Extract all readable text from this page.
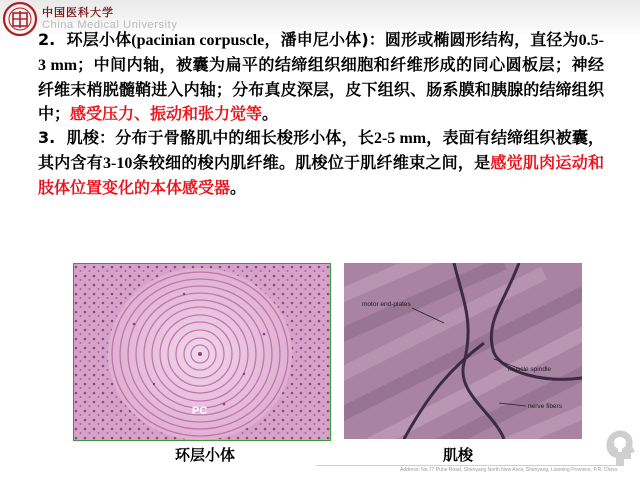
中国医科大学
China Medical University

2. 环层小体(pacinian corpuscle，潘申尼小体)：圆形或椭圆形结构，直径为0.5-3 mm；中间内轴，被囊为扁平的结缔组织细胞和纤维形成的同心圆板层；神经纤维末梢脱髓鞘进入内轴；分布真皮深层，皮下组织、肠系膜和胰腺的结缔组织中；感受压力、振动和张力觉等。

3. 肌梭：分布于骨骼肌中的细长梭形小体，长2-5 mm，表面有结缔组织被囊，其内含有3-10条较细的梭内肌纤维。肌梭位于肌纤维束之间，是感觉肌肉运动和肢体位置变化的本体感受器。

PC
环层小体
motor end-plates
muscle spindle
nerve fibers
肌梭
Address: No.77 Puhe Road, Shenyang North New Area, Shenyang, Liaoning Province, P.R. China
